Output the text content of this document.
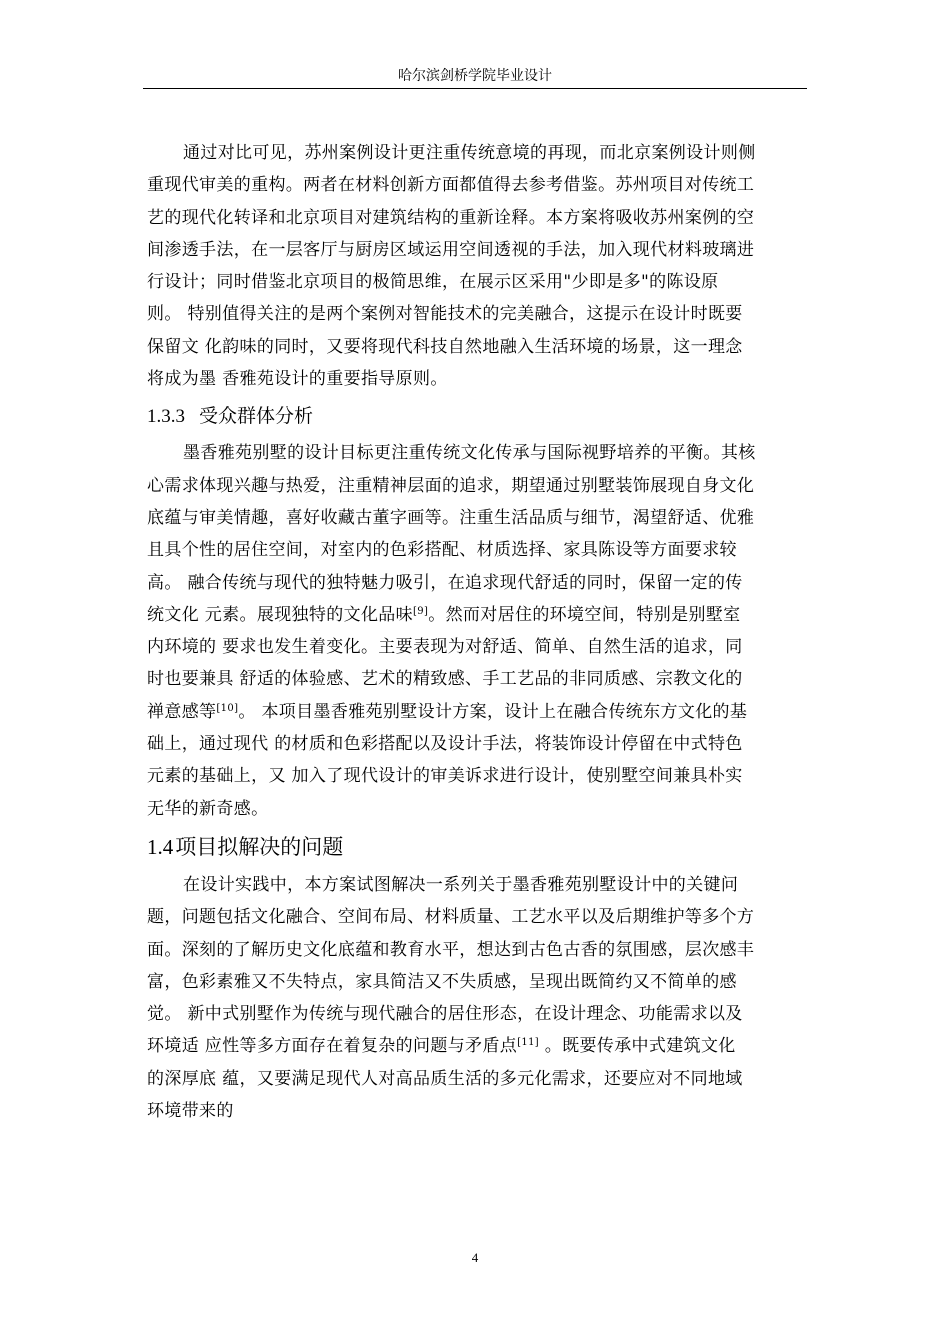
哈尔滨剑桥学院毕业设计
通过对比可见，苏州案例设计更注重传统意境的再现，而北京案例设计则侧
重现代审美的重构。两者在材料创新方面都值得去参考借鉴。苏州项目对传统工
艺的现代化转译和北京项目对建筑结构的重新诠释。本方案将吸收苏州案例的空
间渗透手法，在一层客厅与厨房区域运用空间透视的手法，加入现代材料玻璃进
行设计；同时借鉴北京项目的极简思维，在展示区采用"少即是多"的陈设原
则。 特别值得关注的是两个案例对智能技术的完美融合，这提示在设计时既要
保留文 化韵味的同时，又要将现代科技自然地融入生活环境的场景，这一理念
将成为墨 香雅苑设计的重要指导原则。
1.3.3 受众群体分析
墨香雅苑别墅的设计目标更注重传统文化传承与国际视野培养的平衡。其核
心需求体现兴趣与热爱，注重精神层面的追求，期望通过别墅装饰展现自身文化
底蕴与审美情趣，喜好收藏古董字画等。注重生活品质与细节，渴望舒适、优雅
且具个性的居住空间，对室内的色彩搭配、材质选择、家具陈设等方面要求较
高。 融合传统与现代的独特魅力吸引，在追求现代舒适的同时，保留一定的传
统文化 元素。展现独特的文化品味[9]。然而对居住的环境空间，特别是别墅室
内环境的 要求也发生着变化。主要表现为对舒适、简单、自然生活的追求，同
时也要兼具 舒适的体验感、艺术的精致感、手工艺品的非同质感、宗教文化的
禅意感等[10]。 本项目墨香雅苑别墅设计方案，设计上在融合传统东方文化的基
础上，通过现代 的材质和色彩搭配以及设计手法，将装饰设计停留在中式特色
元素的基础上，又 加入了现代设计的审美诉求进行设计，使别墅空间兼具朴实
无华的新奇感。
1.4项目拟解决的问题
在设计实践中，本方案试图解决一系列关于墨香雅苑别墅设计中的关键问
题，问题包括文化融合、空间布局、材料质量、工艺水平以及后期维护等多个方
面。深刻的了解历史文化底蕴和教育水平，想达到古色古香的氛围感，层次感丰
富，色彩素雅又不失特点，家具简洁又不失质感，呈现出既简约又不简单的感
觉。 新中式别墅作为传统与现代融合的居住形态，在设计理念、功能需求以及
环境适 应性等多方面存在着复杂的问题与矛盾点[11] 。既要传承中式建筑文化
的深厚底 蕴，又要满足现代人对高品质生活的多元化需求，还要应对不同地域
环境带来的
4
